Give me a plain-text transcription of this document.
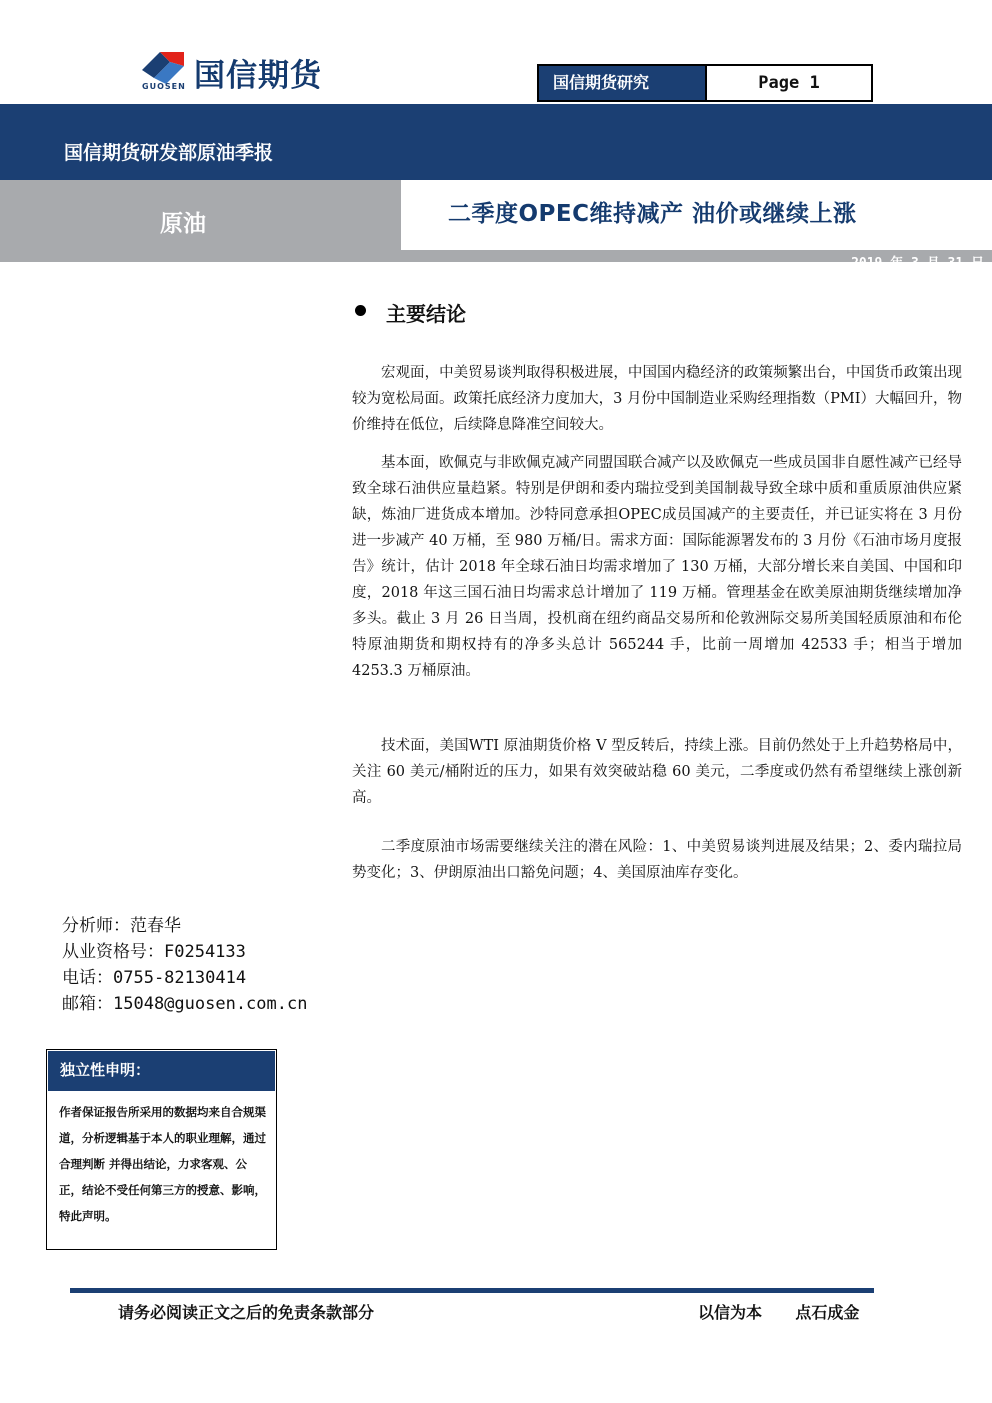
GUOSEN 国信期货	国信期货研究	Page 1
国信期货研发部原油季报
原油	二季度OPEC维持减产 油价或继续上涨
2019 年 3 月 31 日
主要结论

宏观面，中美贸易谈判取得积极进展，中国国内稳经济的政策频繁出台，中国货币政策出现较为宽松局面。政策托底经济力度加大，3 月份中国制造业采购经理指数（PMI）大幅回升，物价维持在低位，后续降息降准空间较大。

基本面，欧佩克与非欧佩克减产同盟国联合减产以及欧佩克一些成员国非自愿性减产已经导致全球石油供应量趋紧。特别是伊朗和委内瑞拉受到美国制裁导致全球中质和重质原油供应紧缺，炼油厂进货成本增加。沙特同意承担OPEC成员国减产的主要责任，并已证实将在 3 月份进一步减产 40 万桶，至 980 万桶/日。需求方面：国际能源署发布的 3 月份《石油市场月度报告》统计，估计 2018 年全球石油日均需求增加了 130 万桶，大部分增长来自美国、中国和印度，2018 年这三国石油日均需求总计增加了 119 万桶。管理基金在欧美原油期货继续增加净多头。截止 3 月 26 日当周，投机商在纽约商品交易所和伦敦洲际交易所美国轻质原油和布伦特原油期货和期权持有的净多头总计 565244 手，比前一周增加 42533 手；相当于增加 4253.3 万桶原油。

技术面，美国WTI 原油期货价格 V 型反转后，持续上涨。目前仍然处于上升趋势格局中，关注 60 美元/桶附近的压力，如果有效突破站稳 60 美元，二季度或仍然有希望继续上涨创新高。

二季度原油市场需要继续关注的潜在风险：1、中美贸易谈判进展及结果；2、委内瑞拉局势变化；3、伊朗原油出口豁免问题；4、美国原油库存变化。

分析师：范春华
从业资格号：F0254133
电话：0755-82130414
邮箱：15048@guosen.com.cn
独立性申明：
作者保证报告所采用的数据均来自合规渠道，分析逻辑基于本人的职业理解，通过合理判断 并得出结论，力求客观、公正，结论不受任何第三方的授意、影响，特此声明。
请务必阅读正文之后的免责条款部分	以信为本      点石成金
